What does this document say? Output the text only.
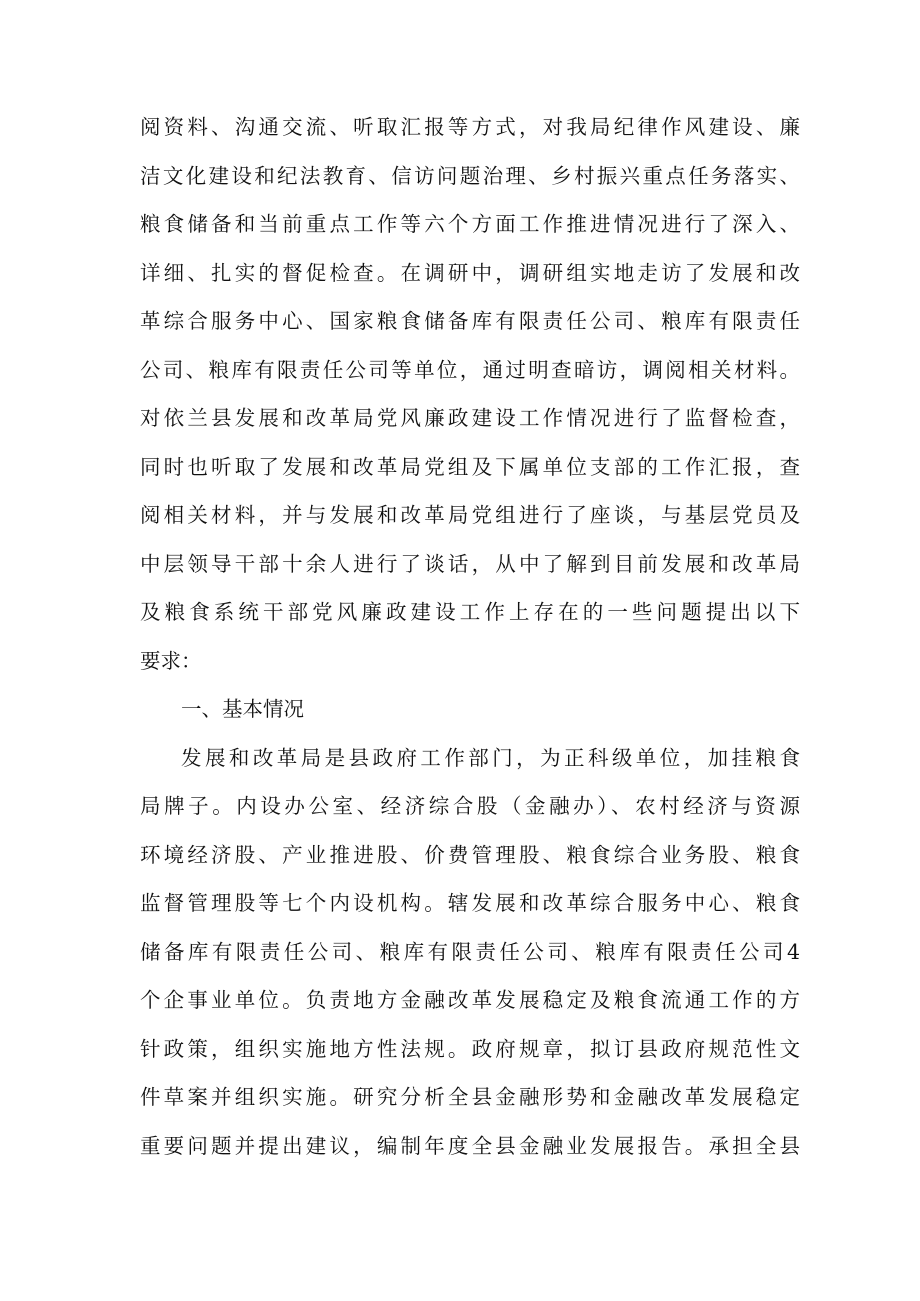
阅资料、沟通交流、听取汇报等方式，对我局纪律作风建设、廉
洁文化建设和纪法教育、信访问题治理、乡村振兴重点任务落实、
粮食储备和当前重点工作等六个方面工作推进情况进行了深入、
详细、扎实的督促检查。在调研中，调研组实地走访了发展和改
革综合服务中心、国家粮食储备库有限责任公司、粮库有限责任
公司、粮库有限责任公司等单位，通过明查暗访，调阅相关材料。
对依兰县发展和改革局党风廉政建设工作情况进行了监督检查，
同时也听取了发展和改革局党组及下属单位支部的工作汇报，查
阅相关材料，并与发展和改革局党组进行了座谈，与基层党员及
中层领导干部十余人进行了谈话，从中了解到目前发展和改革局
及粮食系统干部党风廉政建设工作上存在的一些问题提出以下
要求：
一、基本情况
发展和改革局是县政府工作部门，为正科级单位，加挂粮食
局牌子。内设办公室、经济综合股（金融办）、农村经济与资源
环境经济股、产业推进股、价费管理股、粮食综合业务股、粮食
监督管理股等七个内设机构。辖发展和改革综合服务中心、粮食
储备库有限责任公司、粮库有限责任公司、粮库有限责任公司4
个企事业单位。负责地方金融改革发展稳定及粮食流通工作的方
针政策，组织实施地方性法规。政府规章，拟订县政府规范性文
件草案并组织实施。研究分析全县金融形势和金融改革发展稳定
重要问题并提出建议，编制年度全县金融业发展报告。承担全县
